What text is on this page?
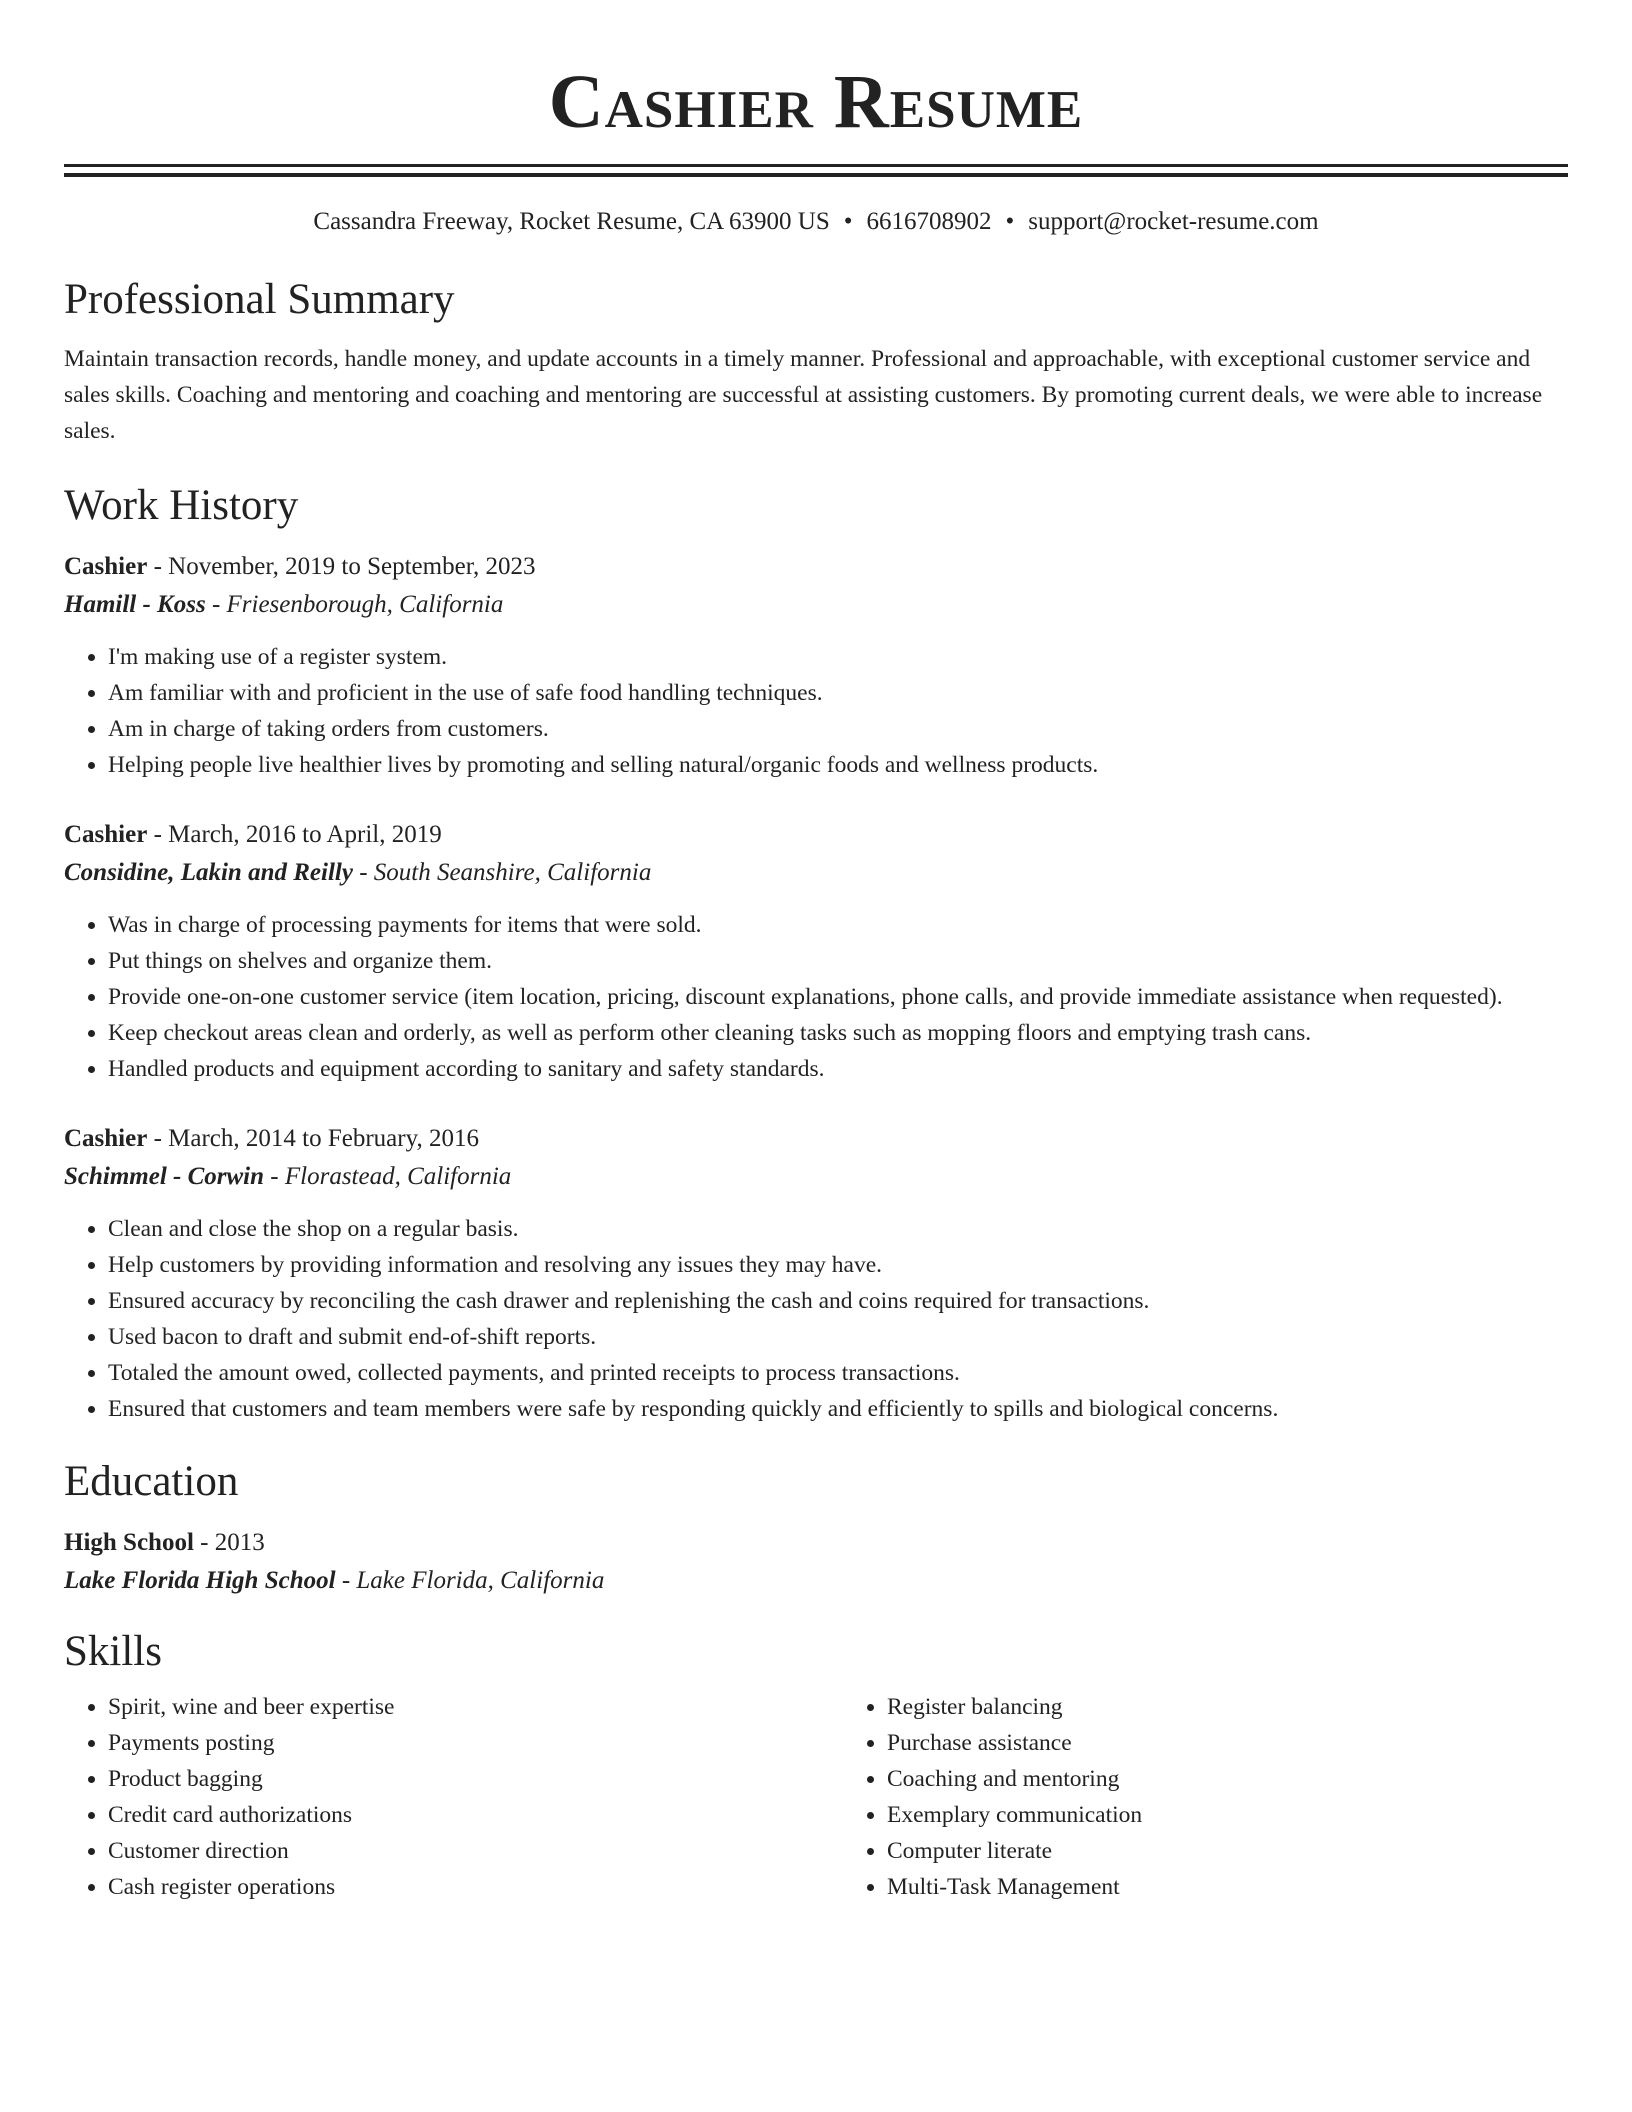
Cashier Resume
Cassandra Freeway, Rocket Resume, CA 63900 US • 6616708902 • support@rocket-resume.com
Professional Summary

Maintain transaction records, handle money, and update accounts in a timely manner. Professional and approachable, with exceptional customer service and sales skills. Coaching and mentoring and coaching and mentoring are successful at assisting customers. By promoting current deals, we were able to increase sales.

Work History
Cashier - November, 2019 to September, 2023
Hamill - Koss - Friesenborough, California
• I'm making use of a register system.
• Am familiar with and proficient in the use of safe food handling techniques.
• Am in charge of taking orders from customers.
• Helping people live healthier lives by promoting and selling natural/organic foods and wellness products.
Cashier - March, 2016 to April, 2019
Considine, Lakin and Reilly - South Seanshire, California
• Was in charge of processing payments for items that were sold.
• Put things on shelves and organize them.
• Provide one-on-one customer service (item location, pricing, discount explanations, phone calls, and provide immediate assistance when requested).
• Keep checkout areas clean and orderly, as well as perform other cleaning tasks such as mopping floors and emptying trash cans.
• Handled products and equipment according to sanitary and safety standards.
Cashier - March, 2014 to February, 2016
Schimmel - Corwin - Florastead, California
• Clean and close the shop on a regular basis.
• Help customers by providing information and resolving any issues they may have.
• Ensured accuracy by reconciling the cash drawer and replenishing the cash and coins required for transactions.
• Used bacon to draft and submit end-of-shift reports.
• Totaled the amount owed, collected payments, and printed receipts to process transactions.
• Ensured that customers and team members were safe by responding quickly and efficiently to spills and biological concerns.
Education
High School - 2013
Lake Florida High School - Lake Florida, California
Skills
• Spirit, wine and beer expertise
• Payments posting
• Product bagging
• Credit card authorizations
• Customer direction
• Cash register operations
• Register balancing
• Purchase assistance
• Coaching and mentoring
• Exemplary communication
• Computer literate
• Multi-Task Management
